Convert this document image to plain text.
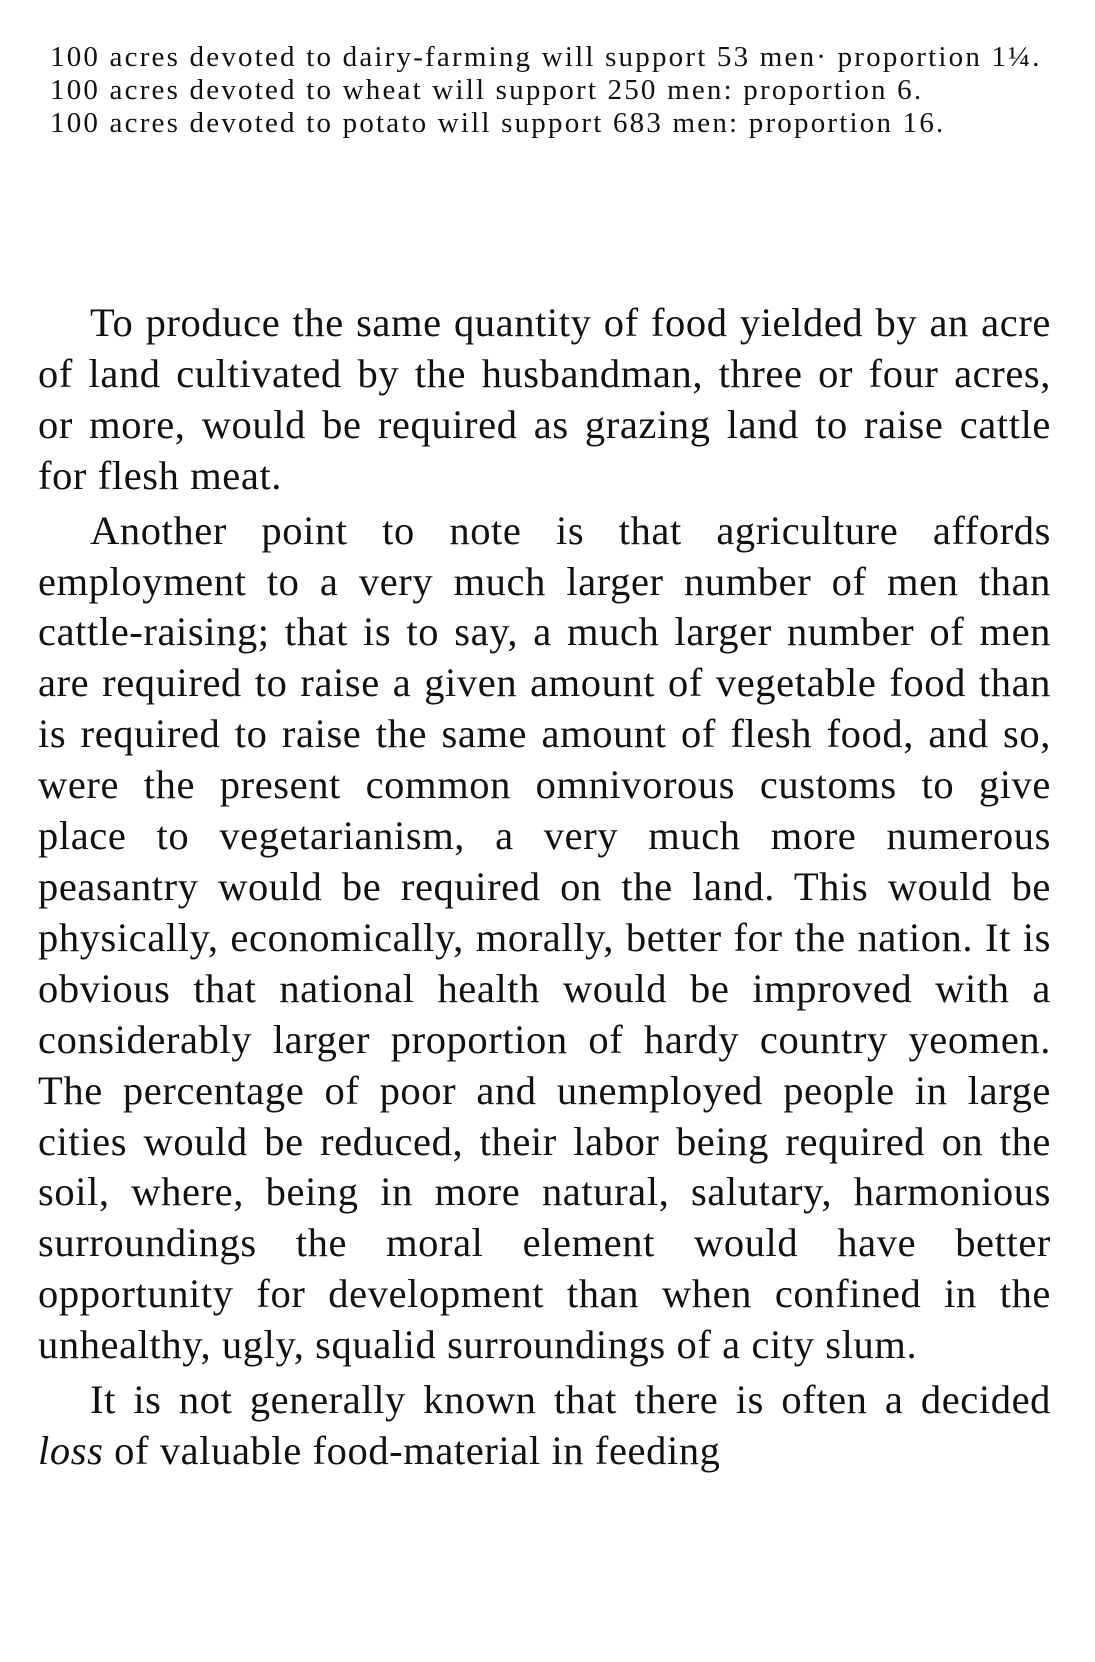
100 acres devoted to dairy-farming will support 53 men· proportion 1¼.

100 acres devoted to wheat will support 250 men: proportion 6.

100 acres devoted to potato will support 683 men: proportion 16.

To produce the same quantity of food yielded by an acre of land cultivated by the husbandman, three or four acres, or more, would be required as grazing land to raise cattle for flesh meat.

Another point to note is that agriculture affords employment to a very much larger number of men than cattle-raising; that is to say, a much larger number of men are required to raise a given amount of vegetable food than is required to raise the same amount of flesh food, and so, were the present common omnivorous customs to give place to vegetarianism, a very much more numerous peasantry would be required on the land. This would be physically, economically, morally, better for the nation. It is obvious that national health would be improved with a considerably larger proportion of hardy country yeomen. The percentage of poor and unemployed people in large cities would be reduced, their labor being required on the soil, where, being in more natural, salutary, harmonious surroundings the moral element would have better opportunity for development than when confined in the unhealthy, ugly, squalid surroundings of a city slum.

It is not generally known that there is often a decided loss of valuable food-material in feeding
